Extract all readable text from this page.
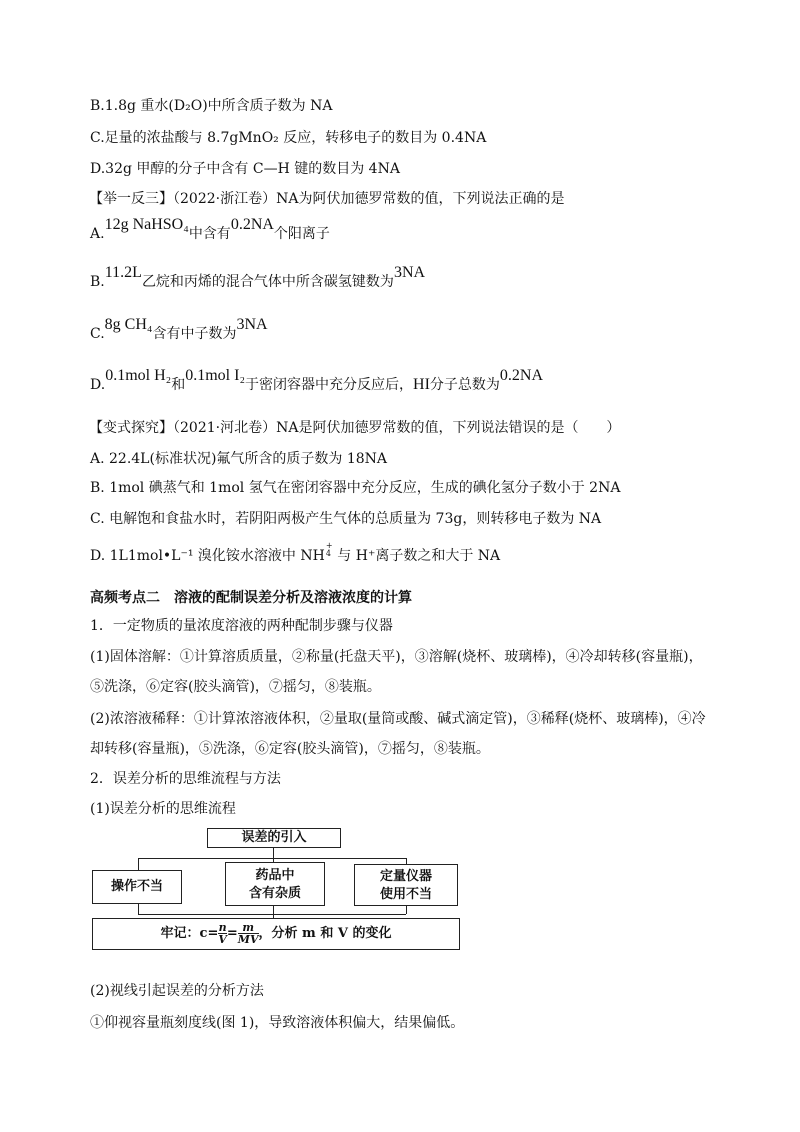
B.1.8g 重水(D₂O)中所含质子数为 NA
C.足量的浓盐酸与 8.7gMnO₂ 反应，转移电子的数目为 0.4NA
D.32g 甲醇的分子中含有 C—H 键的数目为 4NA
【举一反三】（2022·浙江卷）NA为阿伏加德罗常数的值，下列说法正确的是
A.12g NaHSO₄中含有0.2NA个阳离子
B.11.2L乙烷和丙烯的混合气体中所含碳氢键数为3NA
C.8g CH₄含有中子数为3NA
D.0.1mol H₂和0.1mol I₂于密闭容器中充分反应后，HI分子总数为0.2NA
【变式探究】（2021·河北卷）NA是阿伏加德罗常数的值，下列说法错误的是（　　）
A. 22.4L(标准状况)氟气所含的质子数为 18NA
B. 1mol 碘蒸气和 1mol 氢气在密闭容器中充分反应，生成的碘化氢分子数小于 2NA
C. 电解饱和食盐水时，若阴阳两极产生气体的总质量为 73g，则转移电子数为 NA
D. 1L1mol•L⁻¹ 溴化铵水溶液中 NH
+
4 与 H⁺离子数之和大于 NA
高频考点二　溶液的配制误差分析及溶液浓度的计算
1．一定物质的量浓度溶液的两种配制步骤与仪器
(1)固体溶解：①计算溶质质量，②称量(托盘天平)，③溶解(烧杯、玻璃棒)，④冷却转移(容量瓶)，⑤洗涤，⑥定容(胶头滴管)，⑦摇匀，⑧装瓶。
(2)浓溶液稀释：①计算浓溶液体积，②量取(量筒或酸、碱式滴定管)，③稀释(烧杯、玻璃棒)，④冷却转移(容量瓶)，⑤洗涤，⑥定容(胶头滴管)，⑦摇匀，⑧装瓶。
2．误差分析的思维流程与方法
(1)误差分析的思维流程
误差的引入
操作不当
药品中
含有杂质
定量仪器
使用不当
牢记：$c= \frac{n}{V} = \frac{m}{MV}$ ，分析 m 和 V 的变化
(2)视线引起误差的分析方法
①仰视容量瓶刻度线(图 1)，导致溶液体积偏大，结果偏低。
